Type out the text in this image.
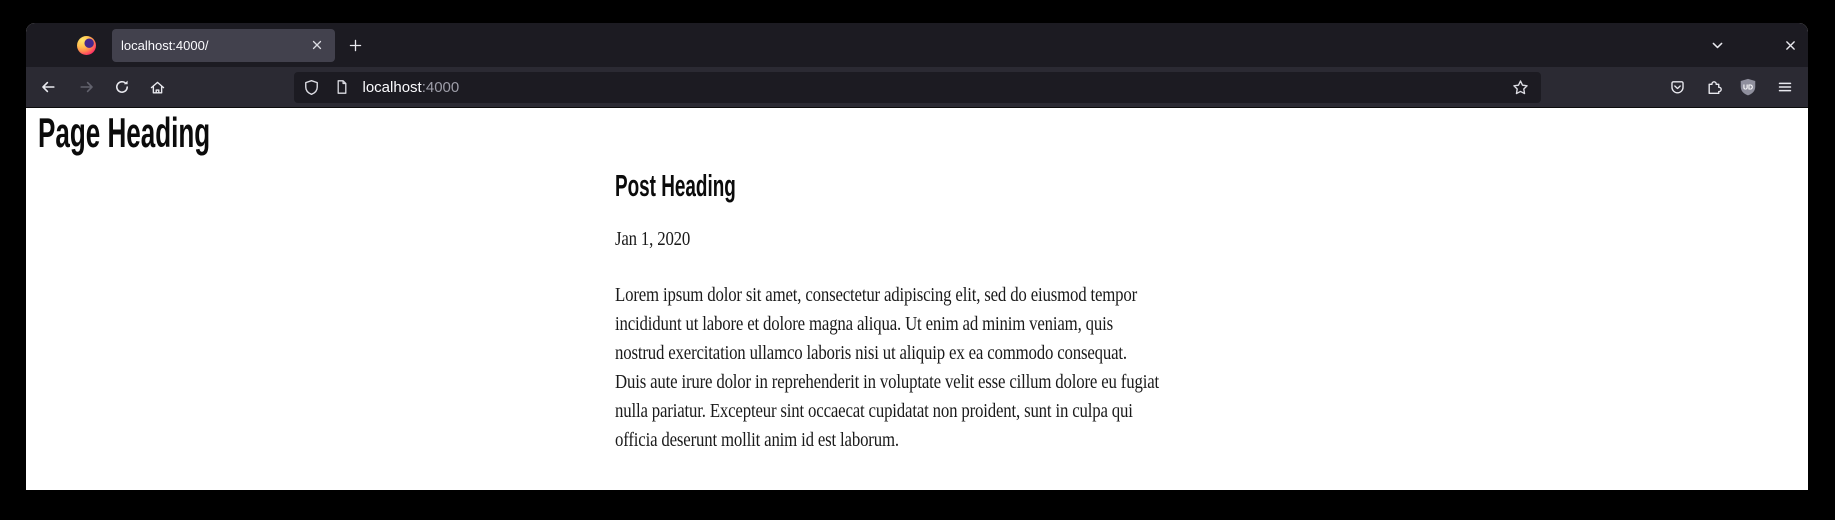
localhost:4000/
localhost:4000	UD
Page Heading
Post Heading
Jan 1, 2020
Lorem ipsum dolor sit amet, consectetur adipiscing elit, sed do eiusmod tempor
incididunt ut labore et dolore magna aliqua. Ut enim ad minim veniam, quis
nostrud exercitation ullamco laboris nisi ut aliquip ex ea commodo consequat.
Duis aute irure dolor in reprehenderit in voluptate velit esse cillum dolore eu fugiat
nulla pariatur. Excepteur sint occaecat cupidatat non proident, sunt in culpa qui
officia deserunt mollit anim id est laborum.
